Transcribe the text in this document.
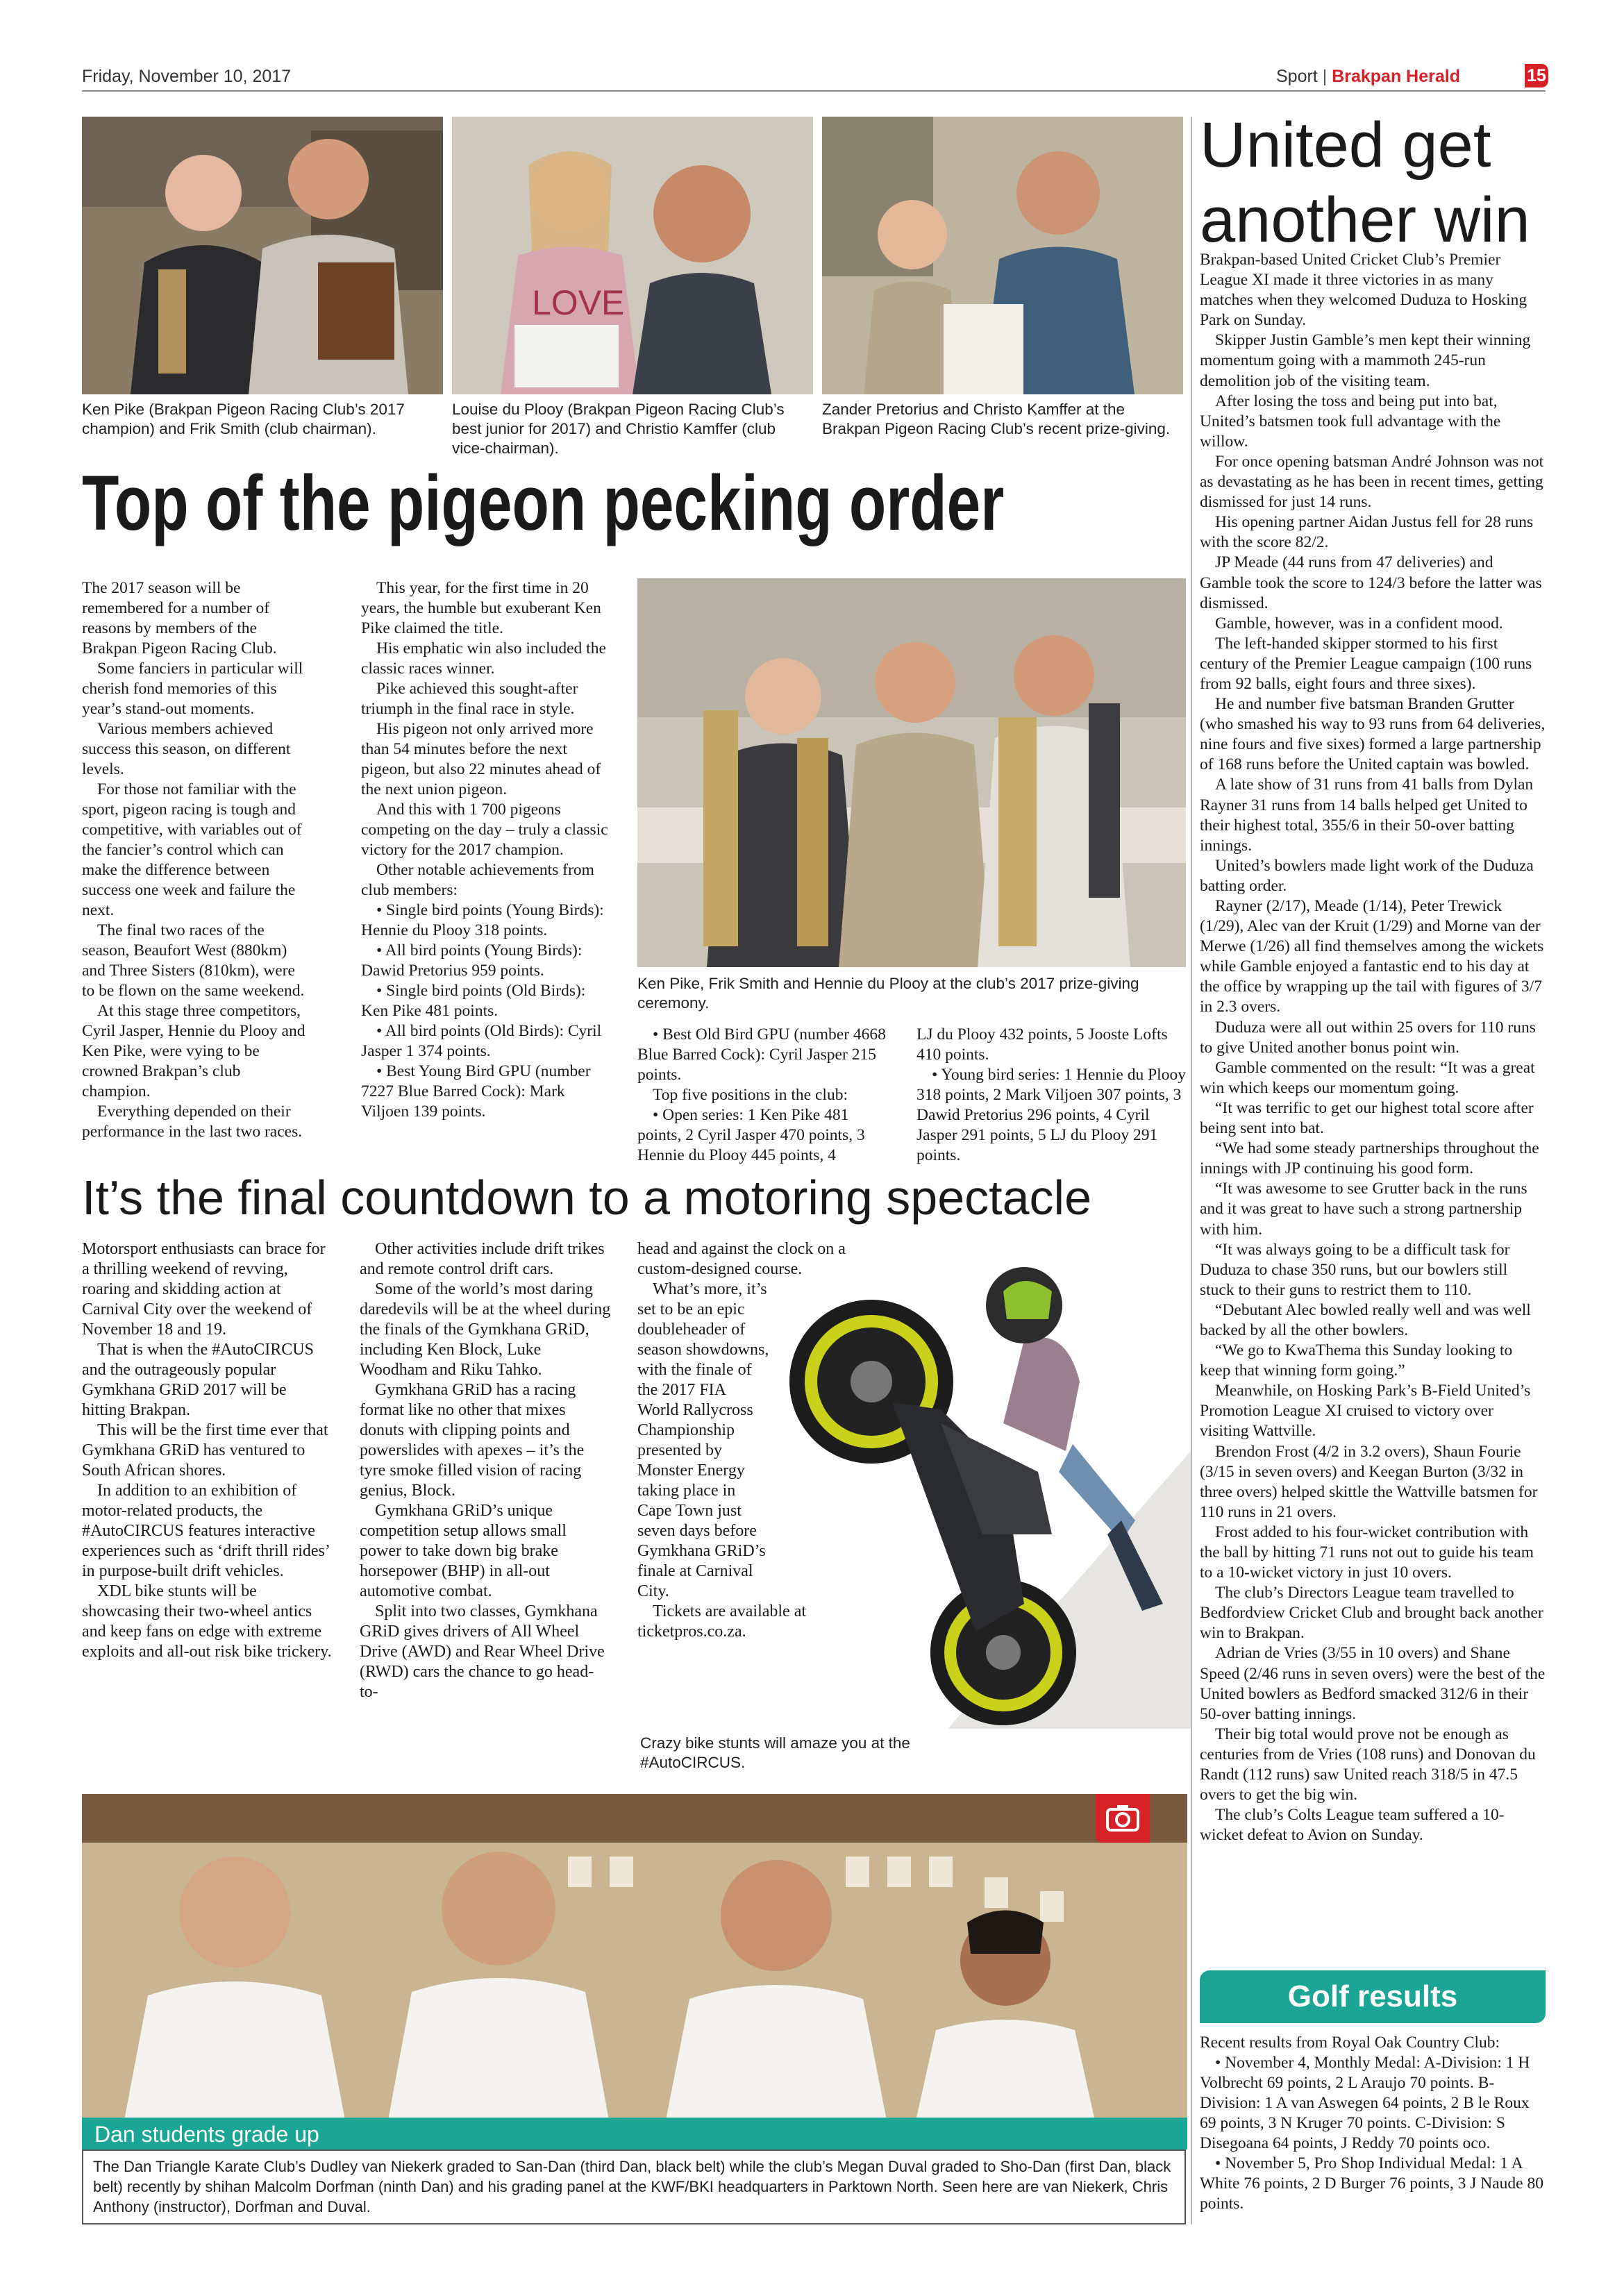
Friday, November 10, 2017	Sport | Brakpan Herald	15
LOVE
Ken Pike (Brakpan Pigeon Racing Club’s 2017 champion) and Frik Smith (club chairman).
Louise du Plooy (Brakpan Pigeon Racing Club’s best junior for 2017) and Christio Kamffer (club vice-chairman).
Zander Pretorius and Christo Kamffer at the Brakpan Pigeon Racing Club’s recent prize-giving.
Top of the pigeon pecking order

The 2017 season will be remembered for a number of reasons by members of the Brakpan Pigeon Racing Club.

Some fanciers in particular will cherish fond memories of this year’s stand-out moments.

Various members achieved success this season, on different levels.

For those not familiar with the sport, pigeon racing is tough and competitive, with variables out of the fancier’s control which can make the difference between success one week and failure the next.

The final two races of the season, Beaufort West (880km) and Three Sisters (810km), were to be flown on the same weekend.

At this stage three competitors, Cyril Jasper, Hennie du Plooy and Ken Pike, were vying to be crowned Brakpan’s club champion.

Everything depended on their performance in the last two races.

This year, for the first time in 20 years, the humble but exuberant Ken Pike claimed the title.

His emphatic win also included the classic races winner.

Pike achieved this sought-after triumph in the final race in style.

His pigeon not only arrived more than 54 minutes before the next pigeon, but also 22 minutes ahead of the next union pigeon.

And this with 1 700 pigeons competing on the day – truly a classic victory for the 2017 champion.

Other notable achievements from club members:

• Single bird points (Young Birds): Hennie du Plooy 318 points.

• All bird points (Young Birds): Dawid Pretorius 959 points.

• Single bird points (Old Birds): Ken Pike 481 points.

• All bird points (Old Birds): Cyril Jasper 1 374 points.

• Best Young Bird GPU (number 7227 Blue Barred Cock): Mark Viljoen 139 points.

Ken Pike, Frik Smith and Hennie du Plooy at the club’s 2017 prize-giving ceremony.

• Best Old Bird GPU (number 4668 Blue Barred Cock): Cyril Jasper 215 points.

Top five positions in the club:

• Open series: 1 Ken Pike 481 points, 2 Cyril Jasper 470 points, 3 Hennie du Plooy 445 points, 4

LJ du Plooy 432 points, 5 Jooste Lofts 410 points.

• Young bird series: 1 Hennie du Plooy 318 points, 2 Mark Viljoen 307 points, 3 Dawid Pretorius 296 points, 4 Cyril Jasper 291 points, 5 LJ du Plooy 291 points.

It’s the final countdown to a motoring spectacle

Motorsport enthusiasts can brace for a thrilling weekend of revving, roaring and skidding action at Carnival City over the weekend of November 18 and 19.

That is when the #AutoCIRCUS and the outrageously popular Gymkhana GRiD 2017 will be hitting Brakpan.

This will be the first time ever that Gymkhana GRiD has ventured to South African shores.

In addition to an exhibition of motor-related products, the #AutoCIRCUS features interactive experiences such as ‘drift thrill rides’ in purpose-built drift vehicles.

XDL bike stunts will be showcasing their two-wheel antics and keep fans on edge with extreme exploits and all-out risk bike trickery.

Other activities include drift trikes and remote control drift cars.

Some of the world’s most daring daredevils will be at the wheel during the finals of the Gymkhana GRiD, including Ken Block, Luke Woodham and Riku Tahko.

Gymkhana GRiD has a racing format like no other that mixes donuts with clipping points and powerslides with apexes – it’s the tyre smoke filled vision of racing genius, Block.

Gymkhana GRiD’s unique competition setup allows small power to take down big brake horsepower (BHP) in all-out automotive combat.

Split into two classes, Gymkhana GRiD gives drivers of All Wheel Drive (AWD) and Rear Wheel Drive (RWD) cars the chance to go head-to-

head and against the clock on a custom-designed course.

What’s more, it’s set to be an epic doubleheader of season showdowns, with the finale of the 2017 FIA World Rallycross Championship presented by Monster Energy taking place in Cape Town just seven days before Gymkhana GRiD’s finale at Carnival City.

Tickets are available at ticketpros.co.za.

Crazy bike stunts will amaze you at the #AutoCIRCUS.
Dan students grade up
The Dan Triangle Karate Club’s Dudley van Niekerk graded to San-Dan (third Dan, black belt) while the club’s Megan Duval graded to Sho-Dan (first Dan, black belt) recently by shihan Malcolm Dorfman (ninth Dan) and his grading panel at the KWF/BKI headquarters in Parktown North. Seen here are van Niekerk, Chris Anthony (instructor), Dorfman and Duval.
United get another win

Brakpan-based United Cricket Club’s Premier League XI made it three victories in as many matches when they welcomed Duduza to Hosking Park on Sunday.

Skipper Justin Gamble’s men kept their winning momentum going with a mammoth 245-run demolition job of the visiting team.

After losing the toss and being put into bat, United’s batsmen took full advantage with the willow.

For once opening batsman André Johnson was not as devastating as he has been in recent times, getting dismissed for just 14 runs.

His opening partner Aidan Justus fell for 28 runs with the score 82/2.

JP Meade (44 runs from 47 deliveries) and Gamble took the score to 124/3 before the latter was dismissed.

Gamble, however, was in a confident mood.

The left-handed skipper stormed to his first century of the Premier League campaign (100 runs from 92 balls, eight fours and three sixes).

He and number five batsman Branden Grutter (who smashed his way to 93 runs from 64 deliveries, nine fours and five sixes) formed a large partnership of 168 runs before the United captain was bowled.

A late show of 31 runs from 41 balls from Dylan Rayner 31 runs from 14 balls helped get United to their highest total, 355/6 in their 50-over batting innings.

United’s bowlers made light work of the Duduza batting order.

Rayner (2/17), Meade (1/14), Peter Trewick (1/29), Alec van der Kruit (1/29) and Morne van der Merwe (1/26) all find themselves among the wickets while Gamble enjoyed a fantastic end to his day at the office by wrapping up the tail with figures of 3/7 in 2.3 overs.

Duduza were all out within 25 overs for 110 runs to give United another bonus point win.

Gamble commented on the result: “It was a great win which keeps our momentum going.

“It was terrific to get our highest total score after being sent into bat.

“We had some steady partnerships throughout the innings with JP continuing his good form.

“It was awesome to see Grutter back in the runs and it was great to have such a strong partnership with him.

“It was always going to be a difficult task for Duduza to chase 350 runs, but our bowlers still stuck to their guns to restrict them to 110.

“Debutant Alec bowled really well and was well backed by all the other bowlers.

“We go to KwaThema this Sunday looking to keep that winning form going.”

Meanwhile, on Hosking Park’s B-Field United’s Promotion League XI cruised to victory over visiting Wattville.

Brendon Frost (4/2 in 3.2 overs), Shaun Fourie (3/15 in seven overs) and Keegan Burton (3/32 in three overs) helped skittle the Wattville batsmen for 110 runs in 21 overs.

Frost added to his four-wicket contribution with the ball by hitting 71 runs not out to guide his team to a 10-wicket victory in just 10 overs.

The club’s Directors League team travelled to Bedfordview Cricket Club and brought back another win to Brakpan.

Adrian de Vries (3/55 in 10 overs) and Shane Speed (2/46 runs in seven overs) were the best of the United bowlers as Bedford smacked 312/6 in their 50-over batting innings.

Their big total would prove not be enough as centuries from de Vries (108 runs) and Donovan du Randt (112 runs) saw United reach 318/5 in 47.5 overs to get the big win.

The club’s Colts League team suffered a 10-wicket defeat to Avion on Sunday.

Golf results

Recent results from Royal Oak Country Club:

• November 4, Monthly Medal: A-Division: 1 H Volbrecht 69 points, 2 L Araujo 70 points. B-Division: 1 A van Aswegen 64 points, 2 B le Roux 69 points, 3 N Kruger 70 points. C-Division: S Disegoana 64 points, J Reddy 70 points oco.

• November 5, Pro Shop Individual Medal: 1 A White 76 points, 2 D Burger 76 points, 3 J Naude 80 points.
